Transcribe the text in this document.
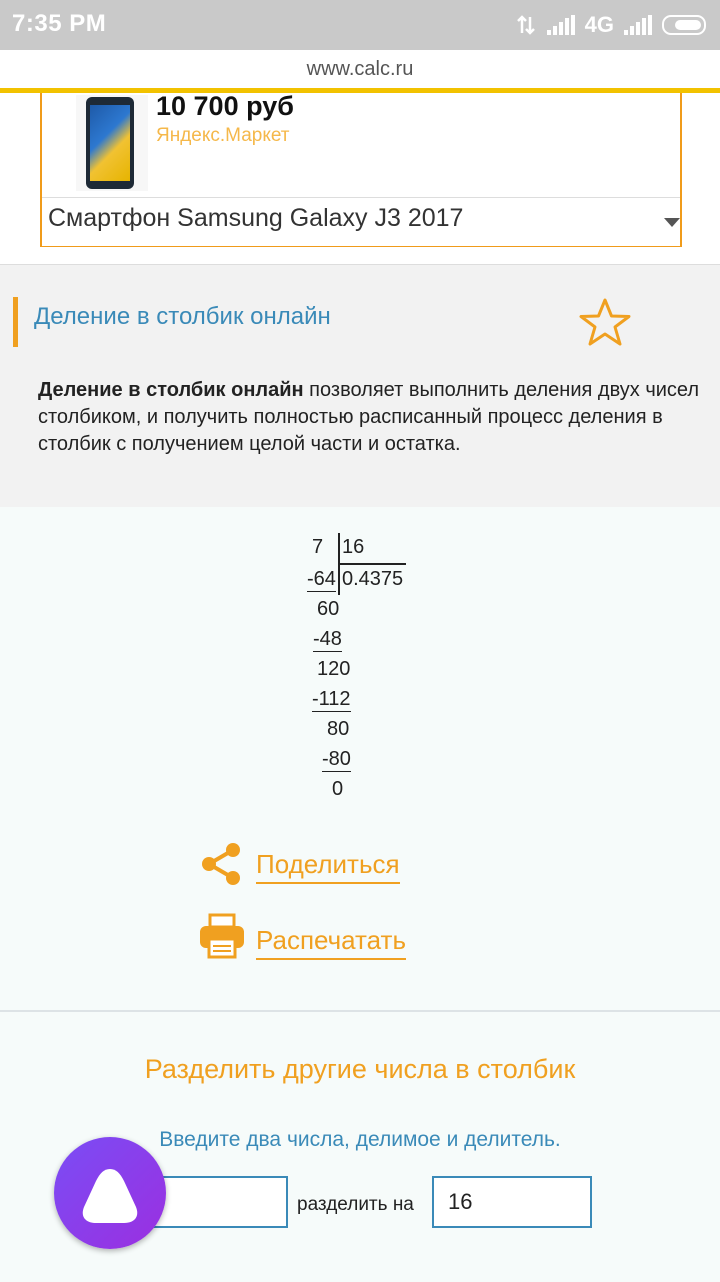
7:35 PM	4G
www.calc.ru
10 700 руб
Яндекс.Маркет
Смартфон Samsung Galaxy J3 2017
Деление в столбик онлайн
Деление в столбик онлайн позволяет выполнить деления двух чисел столбиком, и получить полностью расписанный процесс деления в столбик с получением целой части и остатка.
7 16
0.4375
-64
60
-48
120
-112
80
-80
0
Поделиться
Распечатать
Разделить другие числа в столбик
Введите два числа, делимое и делитель.
разделить на
16
